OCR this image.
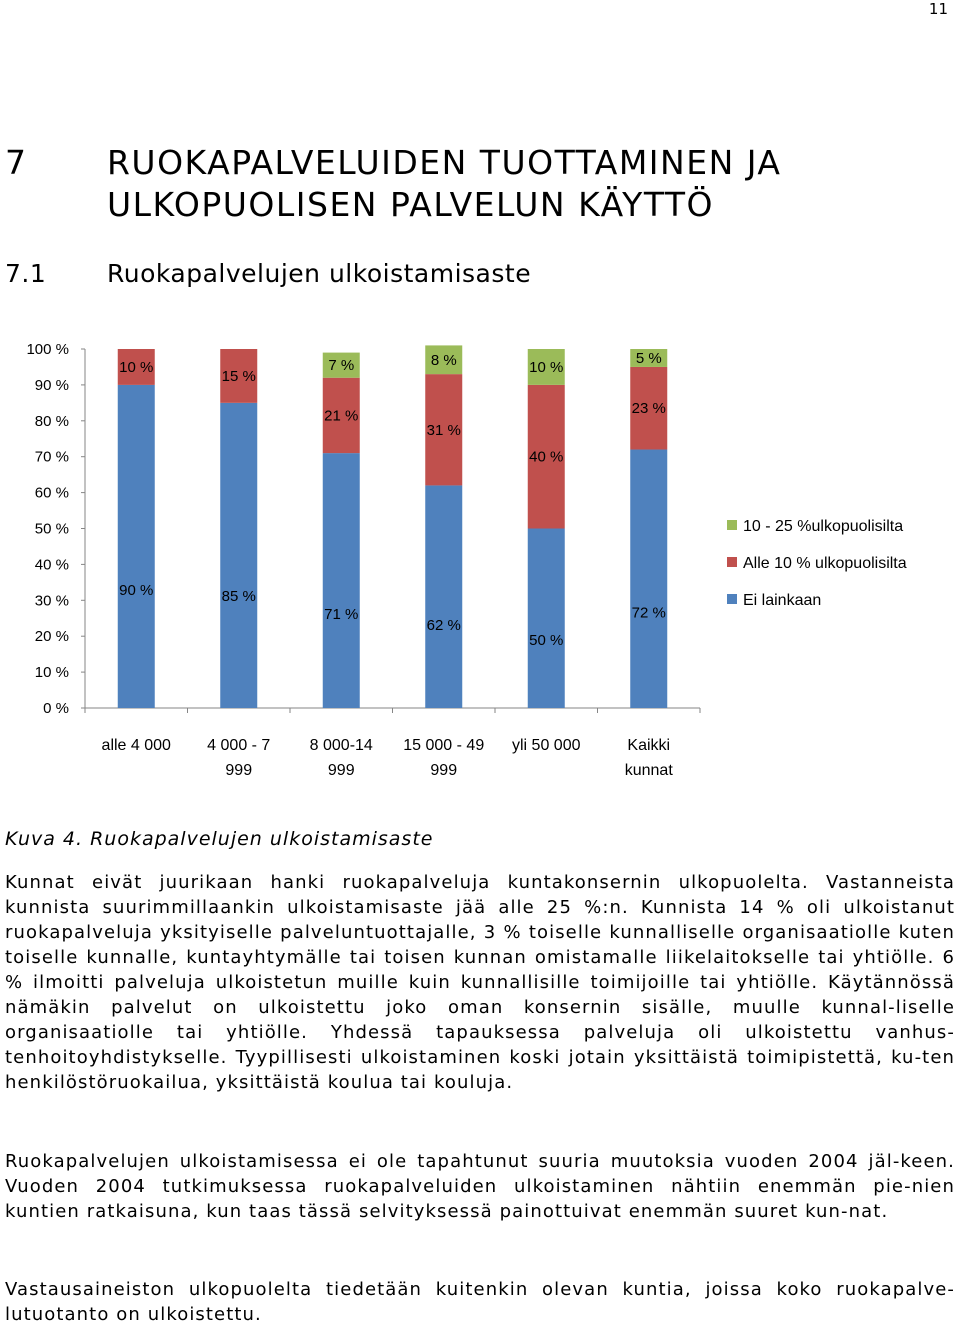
11
7	RUOKAPALVELUIDEN TUOTTAMINEN JA ULKOPUOLISEN PALVELUN KÄYTTÖ
7.1	Ruokapalvelujen ulkoistamisaste
0 %
10 %
20 %
30 %
40 %
50 %
60 %
70 %
80 %
90 %
100 %
90 %
10 %
alle 4 000
85 %
15 %
4 000 - 7
999
71 %
21 %
7 %
8 000-14
999
62 %
31 %
8 %
15 000 - 49
999
50 %
40 %
10 %
yli 50 000
72 %
23 %
5 %
Kaikki
kunnat
10 - 25 %ulkopuolisilta
Alle 10 % ulkopuolisilta
Ei lainkaan
Kuva 4. Ruokapalvelujen ulkoistamisaste

Kunnat eivät juurikaan hanki ruokapalveluja kuntakonsernin ulkopuolelta. Vastanneista kunnista suurimmillaankin ulkoistamisaste jää alle 25 %:n. Kunnista 14 % oli ulkoistanut ruokapalveluja yksityiselle palveluntuottajalle, 3 % toiselle kunnalliselle organisaatiolle kuten toiselle kunnalle, kuntayhtymälle tai toisen kunnan omistamalle liikelaitokselle tai yhtiölle. 6 % ilmoitti palveluja ulkoistetun muille kuin kunnallisille toimijoille tai yhtiölle. Käytännössä nämäkin palvelut on ulkoistettu joko oman konsernin sisälle, muulle kunnal-liselle organisaatiolle tai yhtiölle. Yhdessä tapauksessa palveluja oli ulkoistettu vanhus-tenhoitoyhdistykselle. Tyypillisesti ulkoistaminen koski jotain yksittäistä toimipistettä, ku-ten henkilöstöruokailua, yksittäistä koulua tai kouluja.

Ruokapalvelujen ulkoistamisessa ei ole tapahtunut suuria muutoksia vuoden 2004 jäl-keen. Vuoden 2004 tutkimuksessa ruokapalveluiden ulkoistaminen nähtiin enemmän pie-nien kuntien ratkaisuna, kun taas tässä selvityksessä painottuivat enemmän suuret kun-nat.

Vastausaineiston ulkopuolelta tiedetään kuitenkin olevan kuntia, joissa koko ruokapalve-lutuotanto on ulkoistettu.
